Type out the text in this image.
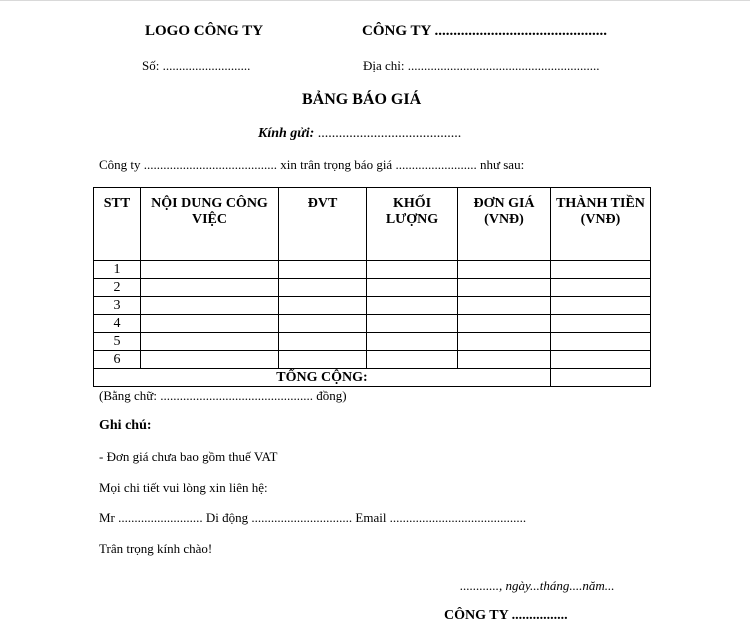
LOGO CÔNG TY	CÔNG TY ..............................................
Số: ...........................	Địa chỉ: ...........................................................
BẢNG BÁO GIÁ
Kính gửi: .........................................
Công ty ......................................... xin trân trọng báo giá ......................... như sau:
STT	NỘI DUNG CÔNG VIỆC	ĐVT	KHỐI LƯỢNG	ĐƠN GIÁ (VNĐ)	THÀNH TIỀN (VNĐ)
1					
2					
3					
4					
5					
6					
TỔNG CỘNG:					
(Bằng chữ: ............................................... đồng)
Ghi chú:
- Đơn giá chưa bao gồm thuế VAT
Mọi chi tiết vui lòng xin liên hệ:
Mr .......................... Di động ............................... Email ..........................................
Trân trọng kính chào!
............, ngày...tháng....năm...
CÔNG TY ................
